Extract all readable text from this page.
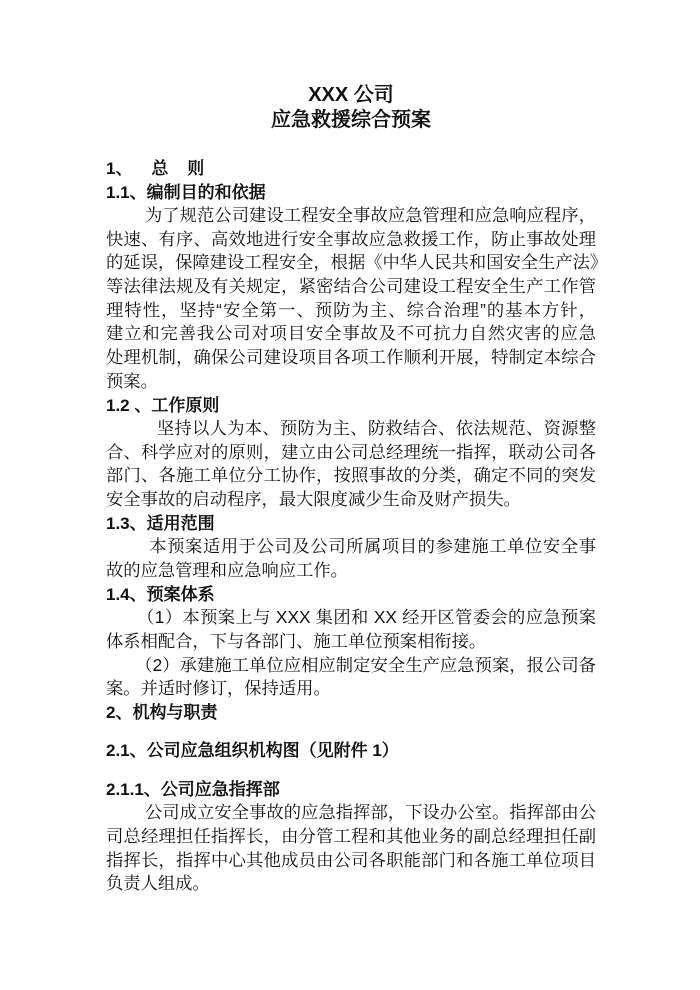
XXX 公司
应急救援综合预案
1、    总    则
1.1、编制目的和依据
为了规范公司建设工程安全事故应急管理和应急响应程序，
快速、有序、高效地进行安全事故应急救援工作，防止事故处理
的延误，保障建设工程安全，根据《中华人民共和国安全生产法》
等法律法规及有关规定，紧密结合公司建设工程安全生产工作管
理特性，坚持“安全第一、预防为主、综合治理”的基本方针，
建立和完善我公司对项目安全事故及不可抗力自然灾害的应急
处理机制，确保公司建设项目各项工作顺利开展，特制定本综合
预案。
1.2 、工作原则
坚持以人为本、预防为主、防救结合、依法规范、资源整
合、科学应对的原则，建立由公司总经理统一指挥，联动公司各
部门、各施工单位分工协作，按照事故的分类，确定不同的突发
安全事故的启动程序，最大限度减少生命及财产损失。
1.3、适用范围
本预案适用于公司及公司所属项目的参建施工单位安全事
故的应急管理和应急响应工作。
1.4、预案体系
（1）本预案上与 XXX 集团和 XX 经开区管委会的应急预案
体系相配合，下与各部门、施工单位预案相衔接。
（2）承建施工单位应相应制定安全生产应急预案，报公司备
案。并适时修订，保持适用。
2、机构与职责
2.1、公司应急组织机构图（见附件 1）
2.1.1、公司应急指挥部
公司成立安全事故的应急指挥部，下设办公室。指挥部由公
司总经理担任指挥长，由分管工程和其他业务的副总经理担任副
指挥长，指挥中心其他成员由公司各职能部门和各施工单位项目
负责人组成。
